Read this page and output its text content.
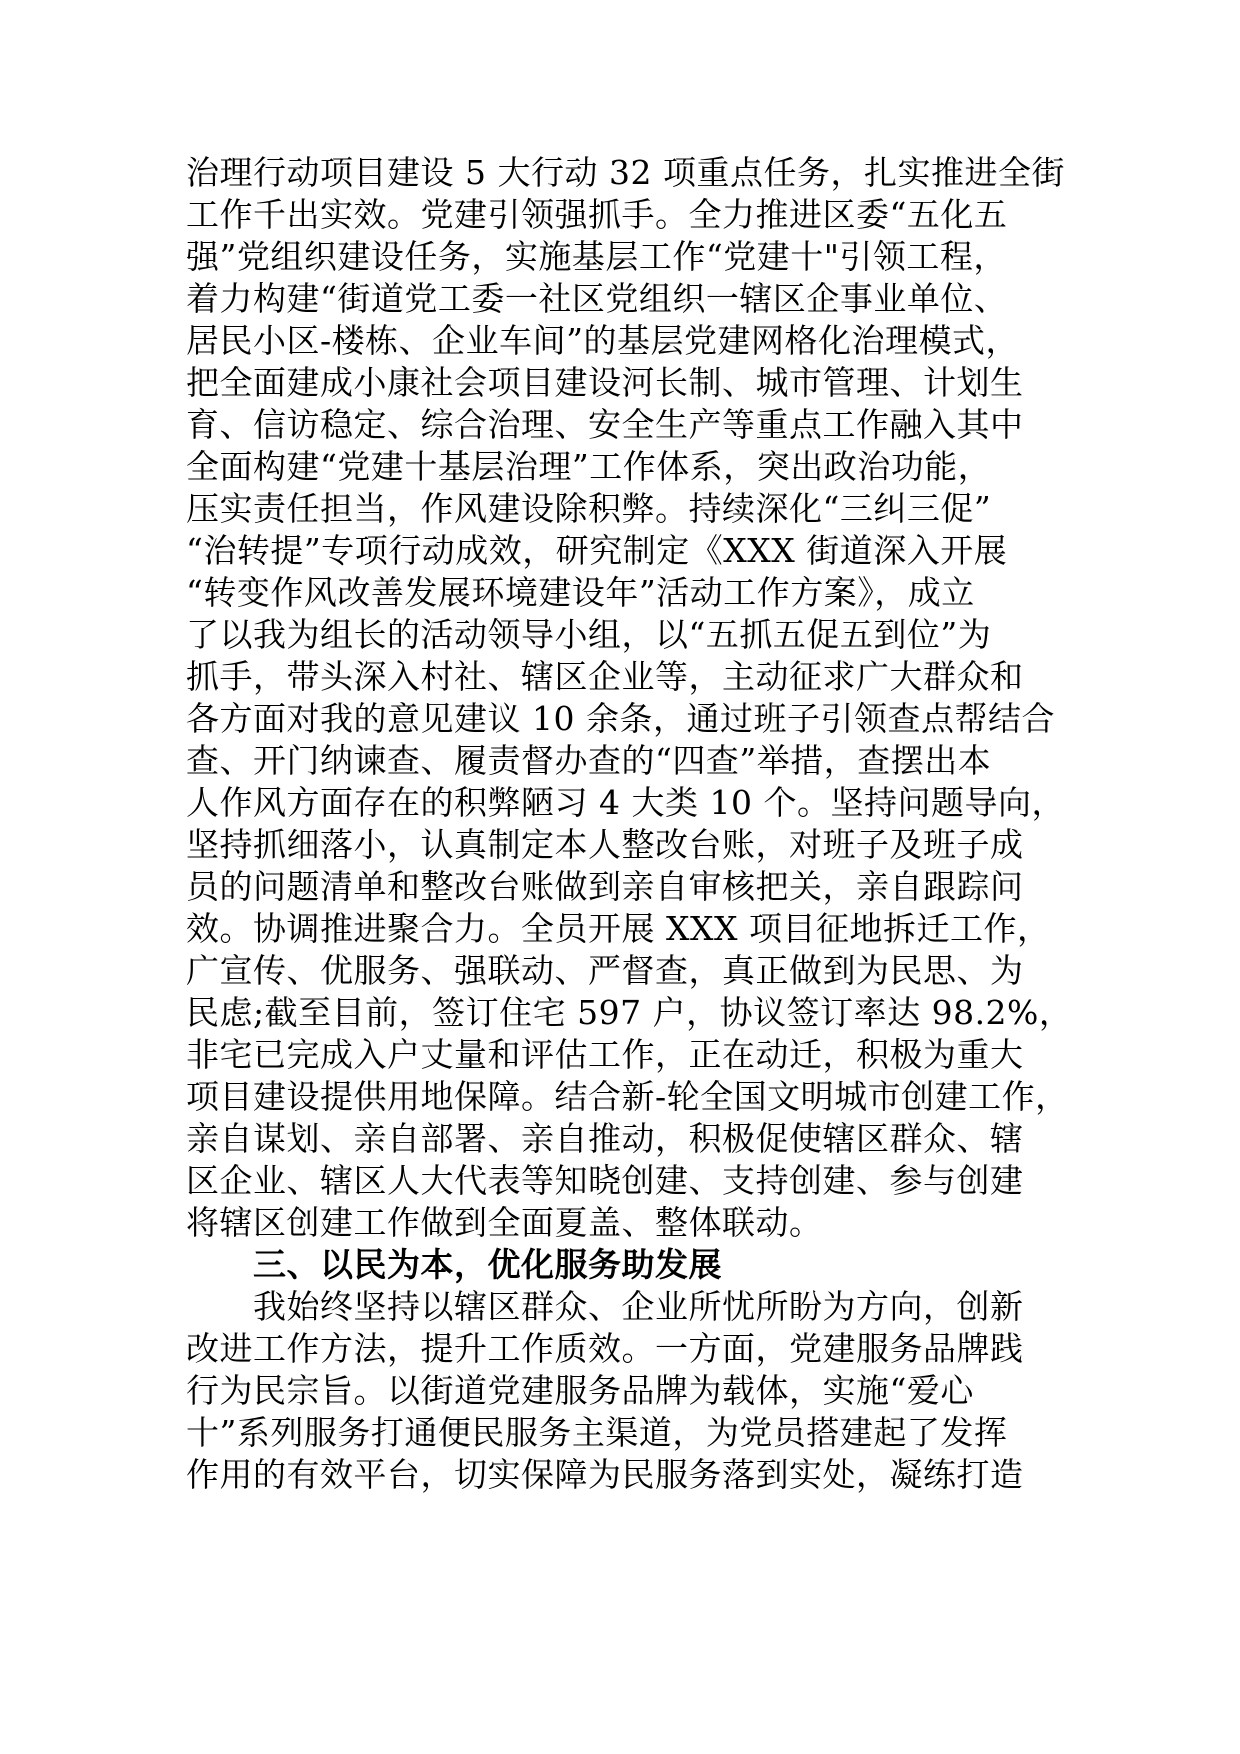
治理行动项目建设 5 大行动 32 项重点任务，扎实推进全街
工作千出实效。党建引领强抓手。全力推进区委“五化五
强”党组织建设任务，实施基层工作“党建十"引领工程，
着力构建“街道党工委一社区党组织一辖区企事业单位、
居民小区-楼栋、企业车间”的基层党建网格化治理模式，
把全面建成小康社会项目建设河长制、城市管理、计划生
育、信访稳定、综合治理、安全生产等重点工作融入其中
全面构建“党建十基层治理”工作体系，突出政治功能，
压实责任担当，作风建设除积弊。持续深化“三纠三促”
“治转提”专项行动成效，研究制定《XXX 街道深入开展
“转变作风改善发展环境建设年”活动工作方案》，成立
了以我为组长的活动领导小组，以“五抓五促五到位”为
抓手，带头深入村社、辖区企业等，主动征求广大群众和
各方面对我的意见建议 10 余条，通过班子引领查点帮结合
查、开门纳谏查、履责督办查的“四查”举措，查摆出本
人作风方面存在的积弊陋习 4 大类 10 个。坚持问题导向，
坚持抓细落小，认真制定本人整改台账，对班子及班子成
员的问题清单和整改台账做到亲自审核把关，亲自跟踪问
效。协调推进聚合力。全员开展 XXX 项目征地拆迁工作，
广宣传、优服务、强联动、严督查，真正做到为民思、为
民虑;截至目前，签订住宅 597 户，协议签订率达 98.2%，
非宅已完成入户丈量和评估工作，正在动迁，积极为重大
项目建设提供用地保障。结合新-轮全国文明城市创建工作，
亲自谋划、亲自部署、亲自推动，积极促使辖区群众、辖
区企业、辖区人大代表等知晓创建、支持创建、参与创建
将辖区创建工作做到全面夏盖、整体联动。
三、以民为本，优化服务助发展
我始终坚持以辖区群众、企业所忧所盼为方向，创新
改进工作方法，提升工作质效。一方面，党建服务品牌践
行为民宗旨。以街道党建服务品牌为载体，实施“爱心
十”系列服务打通便民服务主渠道，为党员搭建起了发挥
作用的有效平台，切实保障为民服务落到实处，凝练打造
